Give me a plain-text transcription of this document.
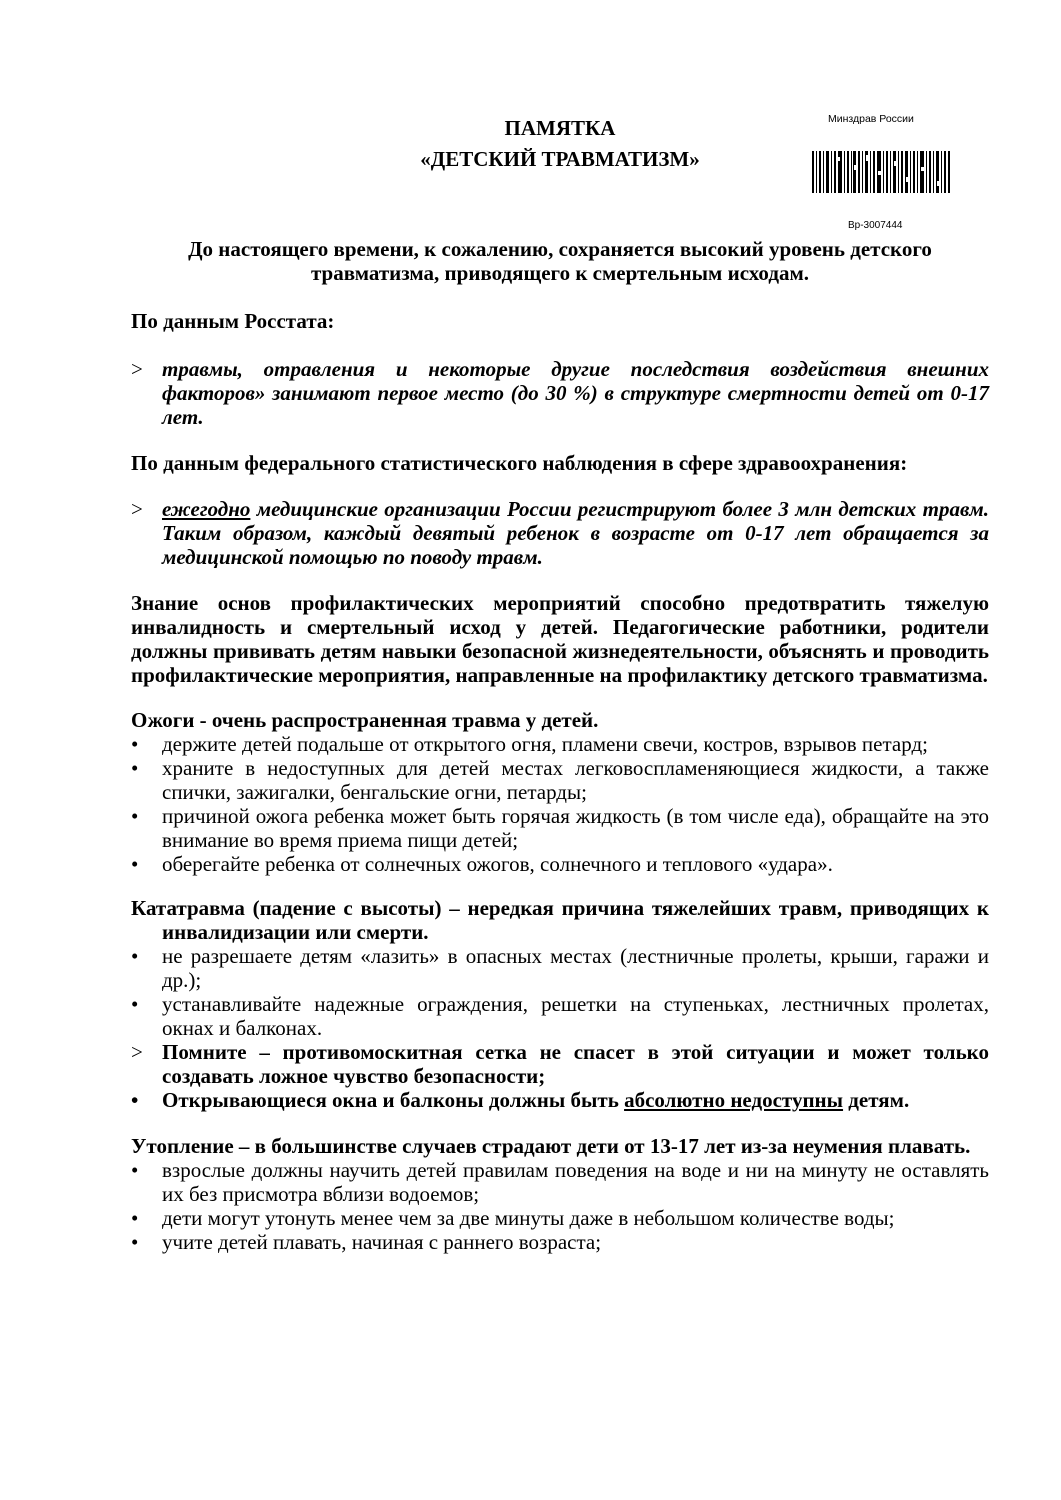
ПАМЯТКА
«ДЕТСКИЙ ТРАВМАТИЗМ»
Минздрав России
Вр-3007444

До настоящего времени, к сожалению, сохраняется высокий уровень детского травматизма, приводящего к смертельным исходам.

По данным Росстата:

> травмы, отравления и некоторые другие последствия воздействия внешних факторов» занимают первое место (до 30 %) в структуре смертности детей от 0-17 лет.

По данным федерального статистического наблюдения в сфере здравоохранения:

> ежегодно медицинские организации России регистрируют более 3 млн детских травм. Таким образом, каждый девятый ребенок в возрасте от 0-17 лет обращается за медицинской помощью по поводу травм.

Знание основ профилактических мероприятий способно предотвратить тяжелую инвалидность и смертельный исход у детей. Педагогические работники, родители должны прививать детям навыки безопасной жизнедеятельности, объяснять и проводить профилактические мероприятия, направленные на профилактику детского травматизма.

Ожоги - очень распространенная травма у детей.

• держите детей подальше от открытого огня, пламени свечи, костров, взрывов петард;
• храните в недоступных для детей местах легковоспламеняющиеся жидкости, а также спички, зажигалки, бенгальские огни, петарды;
• причиной ожога ребенка может быть горячая жидкость (в том числе еда), обращайте на это внимание во время приема пищи детей;
• оберегайте ребенка от солнечных ожогов, солнечного и теплового «удара».

Кататравма (падение с высоты) – нередкая причина тяжелейших травм, приводящих к инвалидизации или смерти.

• не разрешаете детям «лазить» в опасных местах (лестничные пролеты, крыши, гаражи и др.);
• устанавливайте надежные ограждения, решетки на ступеньках, лестничных пролетах, окнах и балконах.
> Помните – противомоскитная сетка не спасет в этой ситуации и может только создавать ложное чувство безопасности;
• Открывающиеся окна и балконы должны быть абсолютно недоступны детям.

Утопление – в большинстве случаев страдают дети от 13-17 лет из-за неумения плавать.

• взрослые должны научить детей правилам поведения на воде и ни на минуту не оставлять их без присмотра вблизи водоемов;
• дети могут утонуть менее чем за две минуты даже в небольшом количестве воды;
• учите детей плавать, начиная с раннего возраста;
